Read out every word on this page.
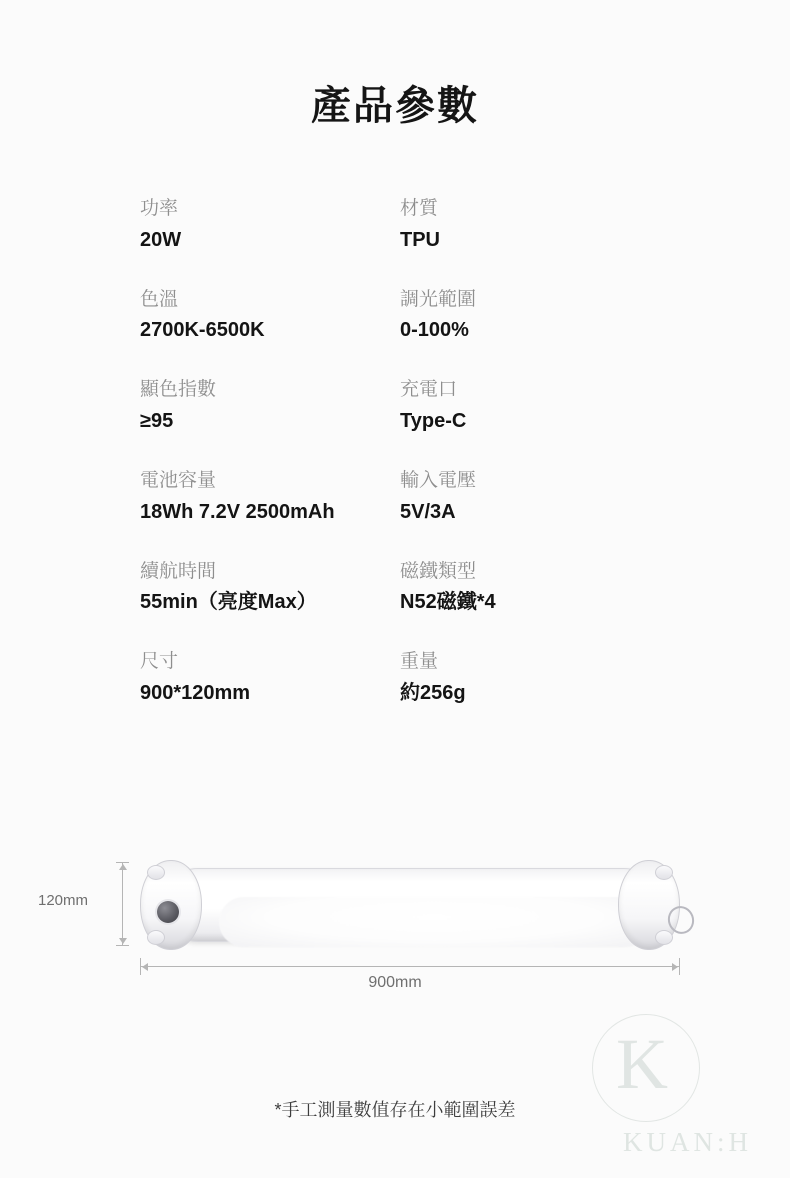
產品參數
功率
20W
材質
TPU
色溫
2700K-6500K
調光範圍
0-100%
顯色指數
≥95
充電口
Type-C
電池容量
18Wh 7.2V 2500mAh
輸入電壓
5V/3A
續航時間
55min（亮度Max）
磁鐵類型
N52磁鐵*4
尺寸
900*120mm
重量
約256g
120mm
900mm
*手工測量數值存在小範圍誤差
K
KUAN:H
